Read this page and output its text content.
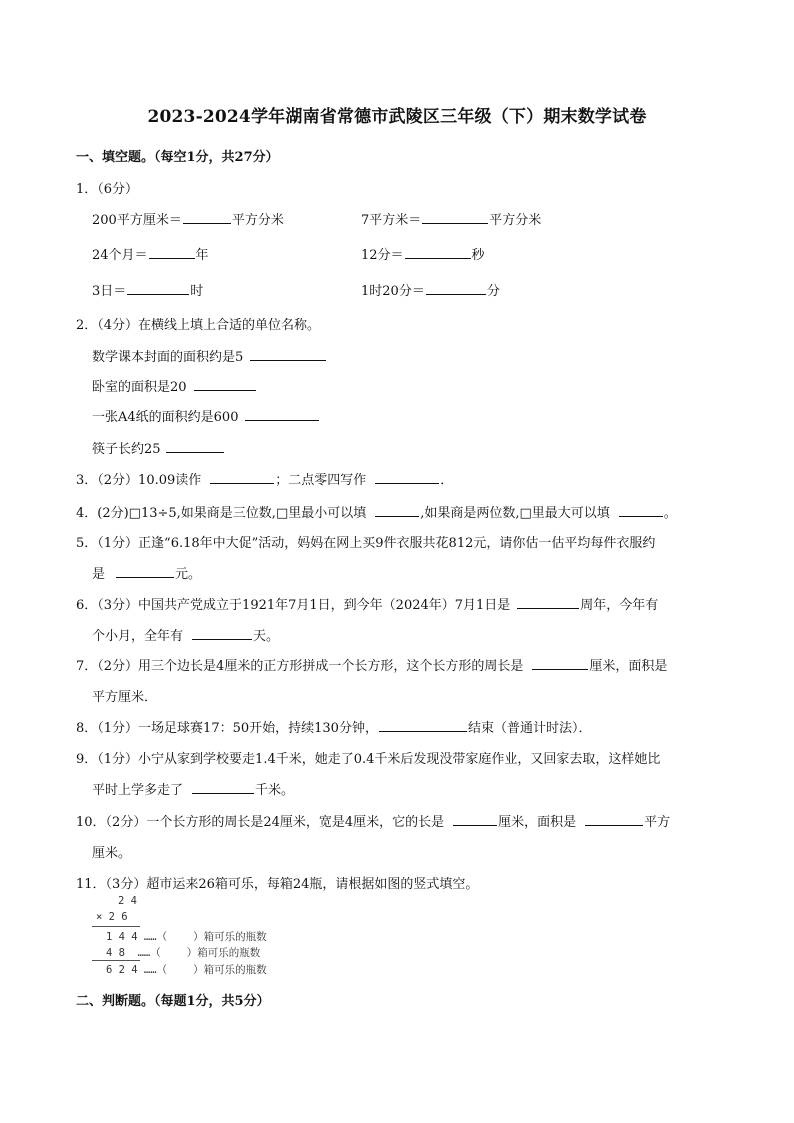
2023-2024学年湖南省常德市武陵区三年级（下）期末数学试卷
一、填空题。（每空1分，共27分）
1．（6分）
200平方厘米＝	平方分米	7平方米＝	平方分米
24个月＝	年	12分＝	秒
3日＝	时	1时20分＝	分
2．（4分）在横线上填上合适的单位名称。
数学课本封面的面积约是5
卧室的面积是20
一张A4纸的面积约是600
筷子长约25
3．（2分）10.09读作	；二点零四写作	．
4．(2分)□13÷5,如果商是三位数,□里最小可以填	,如果商是两位数,□里最大可以填	。
5．（1分）正逢“6.18年中大促”活动，妈妈在网上买9件衣服共花812元，请你估一估平均每件衣服约
是	元。
6．（3分）中国共产党成立于1921年7月1日，到今年（2024年）7月1日是	周年，今年有
个小月，全年有	天。
7．（2分）用三个边长是4厘米的正方形拼成一个长方形，这个长方形的周长是	厘米，面积是
平方厘米．
8．（1分）一场足球赛17：50开始，持续130分钟，	结束（普通计时法）．
9．（1分）小宁从家到学校要走1.4千米，她走了0.4千米后发现没带家庭作业，又回家去取，这样她比
平时上学多走了	千米。
10．（2分）一个长方形的周长是24厘米，宽是4厘米，它的长是	厘米，面积是	平方
厘米。
11．（3分）超市运来26箱可乐，每箱24瓶，请根据如图的竖式填空。
2 4
× 2 6
1 4 4 ……（ ）箱可乐的瓶数
4 8  ……（ ）箱可乐的瓶数
6 2 4 ……（ ）箱可乐的瓶数
二、判断题。（每题1分，共5分）
